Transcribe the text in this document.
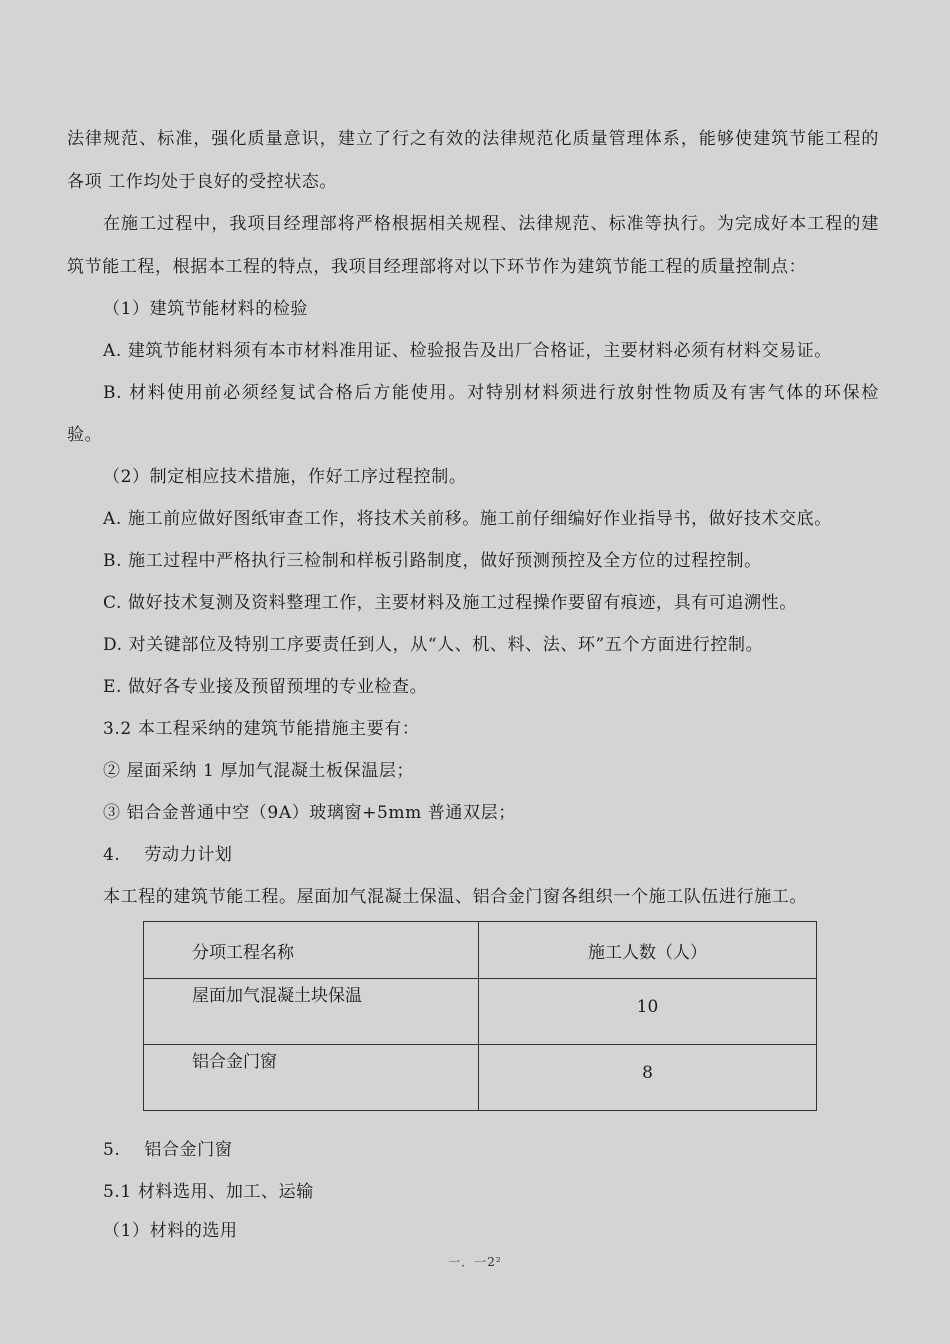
法律规范、标准，强化质量意识，建立了行之有效的法律规范化质量管理体系，能够使建筑节能工程的
各项 工作均处于良好的受控状态。
在施工过程中，我项目经理部将严格根据相关规程、法律规范、标准等执行。为完成好本工程的建
筑节能工程，根据本工程的特点，我项目经理部将对以下环节作为建筑节能工程的质量控制点：
（1）建筑节能材料的检验
A. 建筑节能材料须有本市材料准用证、检验报告及出厂合格证，主要材料必须有材料交易证。
B. 材料使用前必须经复试合格后方能使用。对特别材料须进行放射性物质及有害气体的环保检
验。
（2）制定相应技术措施，作好工序过程控制。
A. 施工前应做好图纸审查工作，将技术关前移。施工前仔细编好作业指导书，做好技术交底。
B. 施工过程中严格执行三检制和样板引路制度，做好预测预控及全方位的过程控制。
C. 做好技术复测及资料整理工作，主要材料及施工过程操作要留有痕迹，具有可追溯性。
D. 对关键部位及特别工序要责任到人，从“人、机、料、法、环”五个方面进行控制。
E. 做好各专业接及预留预埋的专业检查。
3.2 本工程采纳的建筑节能措施主要有：
② 屋面采纳 1 厚加气混凝土板保温层；
③ 铝合金普通中空（9A）玻璃窗+5mm 普通双层；
4.    劳动力计划
本工程的建筑节能工程。屋面加气混凝土保温、铝合金门窗各组织一个施工队伍进行施工。
分项工程名称	施工人数（人）
屋面加气混凝土块保温	10
铝合金门窗	8
5.    铝合金门窗
5.1 材料选用、加工、运输
（1）材料的选用
一．一2²
